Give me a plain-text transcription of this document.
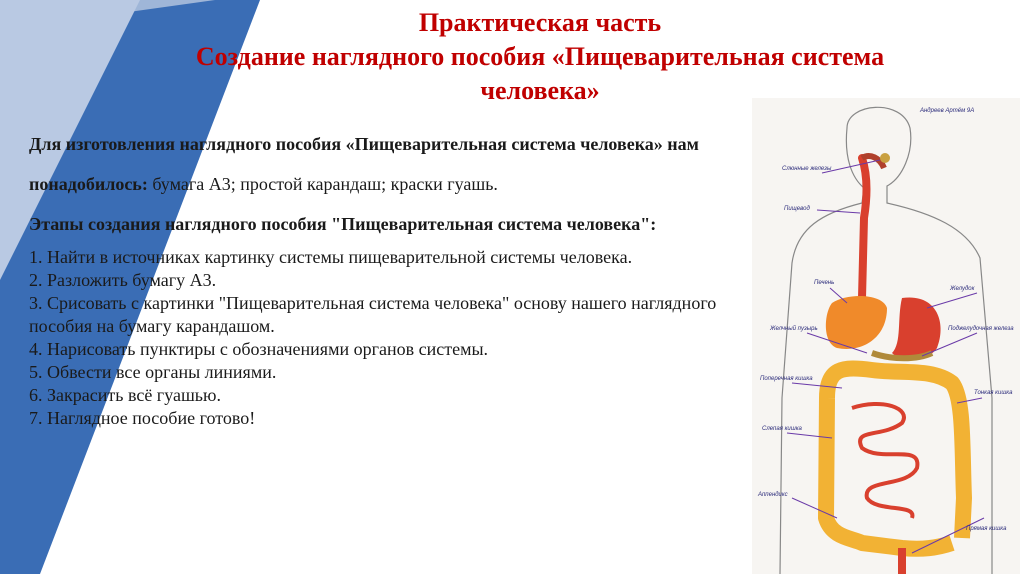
Практическая часть
Создание наглядного пособия «Пищеварительная система
человека»

Для изготовления наглядного пособия «Пищеварительная система человека» нам понадобилось: бумага А3; простой карандаш; краски гуашь.

Этапы создания наглядного пособия "Пищеварительная система человека":

1. Найти в источниках картинку системы пищеварительной системы человека.
2. Разложить бумагу А3.
3. Срисовать с картинки "Пищеварительная система человека" основу нашего наглядного пособия на бумагу карандашом.
4. Нарисовать пунктиры с обозначениями органов системы.
5. Обвести все органы линиями.
6. Закрасить всё гуашью.
7. Наглядное пособие готово!
Андреев Артём 9А
Слюнные железы
Пищевод
Печень
Желудок
Желчный пузырь	Поджелудочная железа
Поперечная кишка
Тонкая кишка
Слепая кишка
Аппендикс
Прямая кишка
